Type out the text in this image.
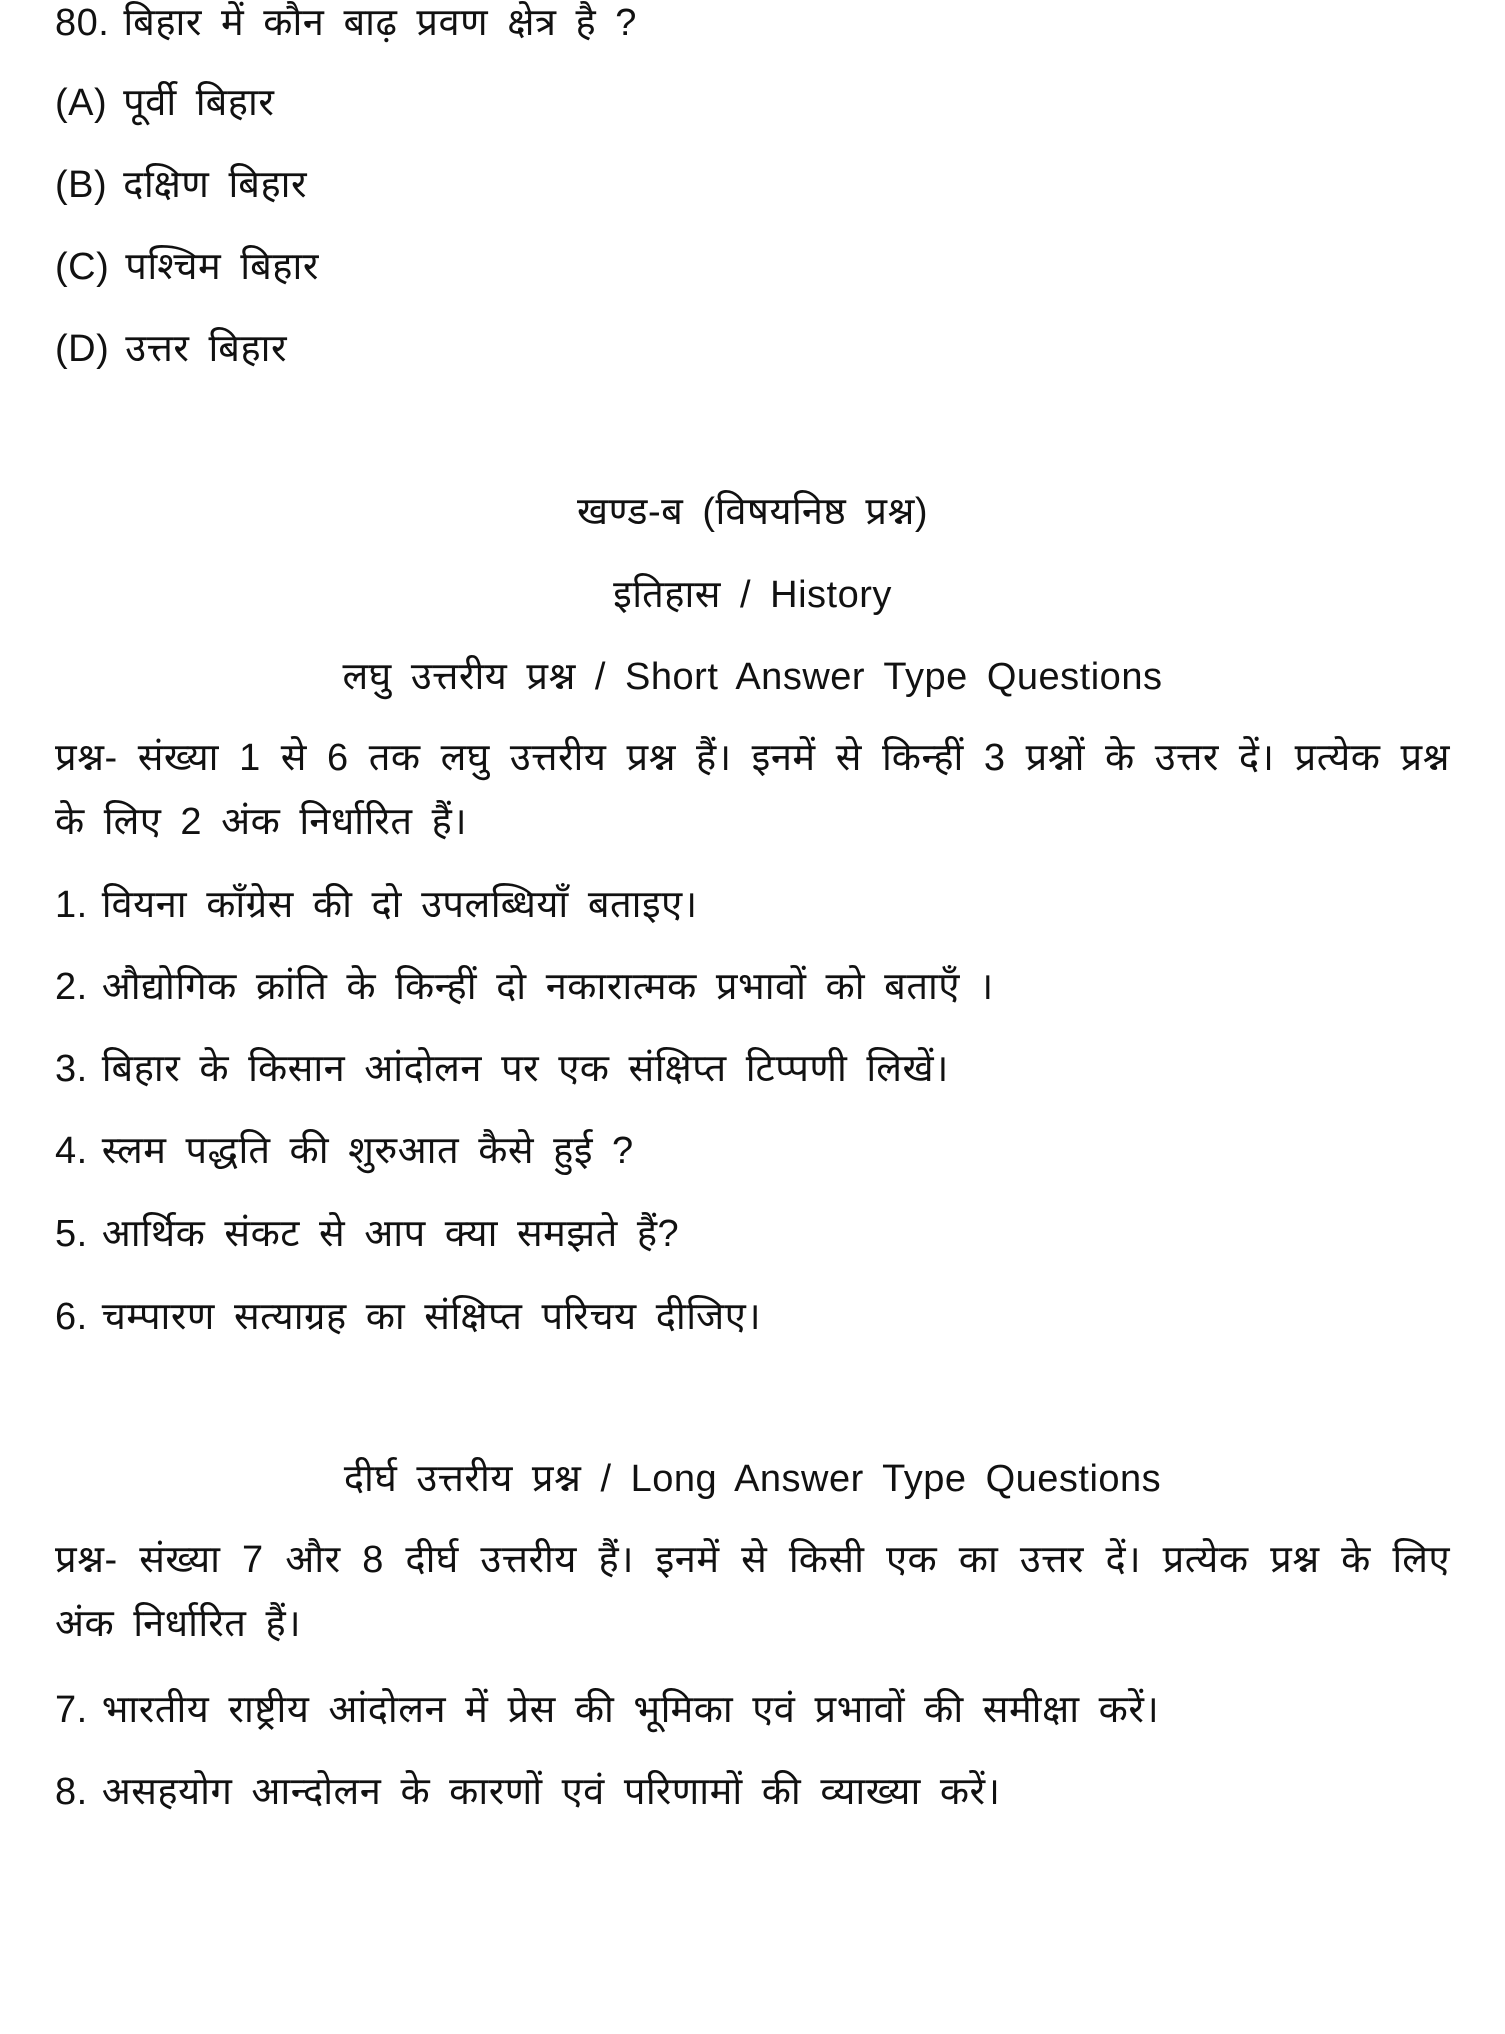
80. बिहार में कौन बाढ़ प्रवण क्षेत्र है ?
(A) पूर्वी बिहार
(B) दक्षिण बिहार
(C) पश्चिम बिहार
(D) उत्तर बिहार
खण्ड-ब (विषयनिष्ठ प्रश्न)
इतिहास / History
लघु उत्तरीय प्रश्न / Short Answer Type Questions
प्रश्न- संख्या 1 से 6 तक लघु उत्तरीय प्रश्न हैं। इनमें से किन्हीं 3 प्रश्नों के उत्तर दें। प्रत्येक प्रश्न के लिए 2 अंक निर्धारित हैं।
1. वियना काँग्रेस की दो उपलब्धियाँ बताइए।
2. औद्योगिक क्रांति के किन्हीं दो नकारात्मक प्रभावों को बताएँ ।
3. बिहार के किसान आंदोलन पर एक संक्षिप्त टिप्पणी लिखें।
4. स्लम पद्धति की शुरुआत कैसे हुई ?
5. आर्थिक संकट से आप क्या समझते हैं?
6. चम्पारण सत्याग्रह का संक्षिप्त परिचय दीजिए।
दीर्घ उत्तरीय प्रश्न / Long Answer Type Questions
प्रश्न- संख्या 7 और 8 दीर्घ उत्तरीय हैं। इनमें से किसी एक का उत्तर दें। प्रत्येक प्रश्न के लिए अंक निर्धारित हैं।
7. भारतीय राष्ट्रीय आंदोलन में प्रेस की भूमिका एवं प्रभावों की समीक्षा करें।
8. असहयोग आन्दोलन के कारणों एवं परिणामों की व्याख्या करें।
